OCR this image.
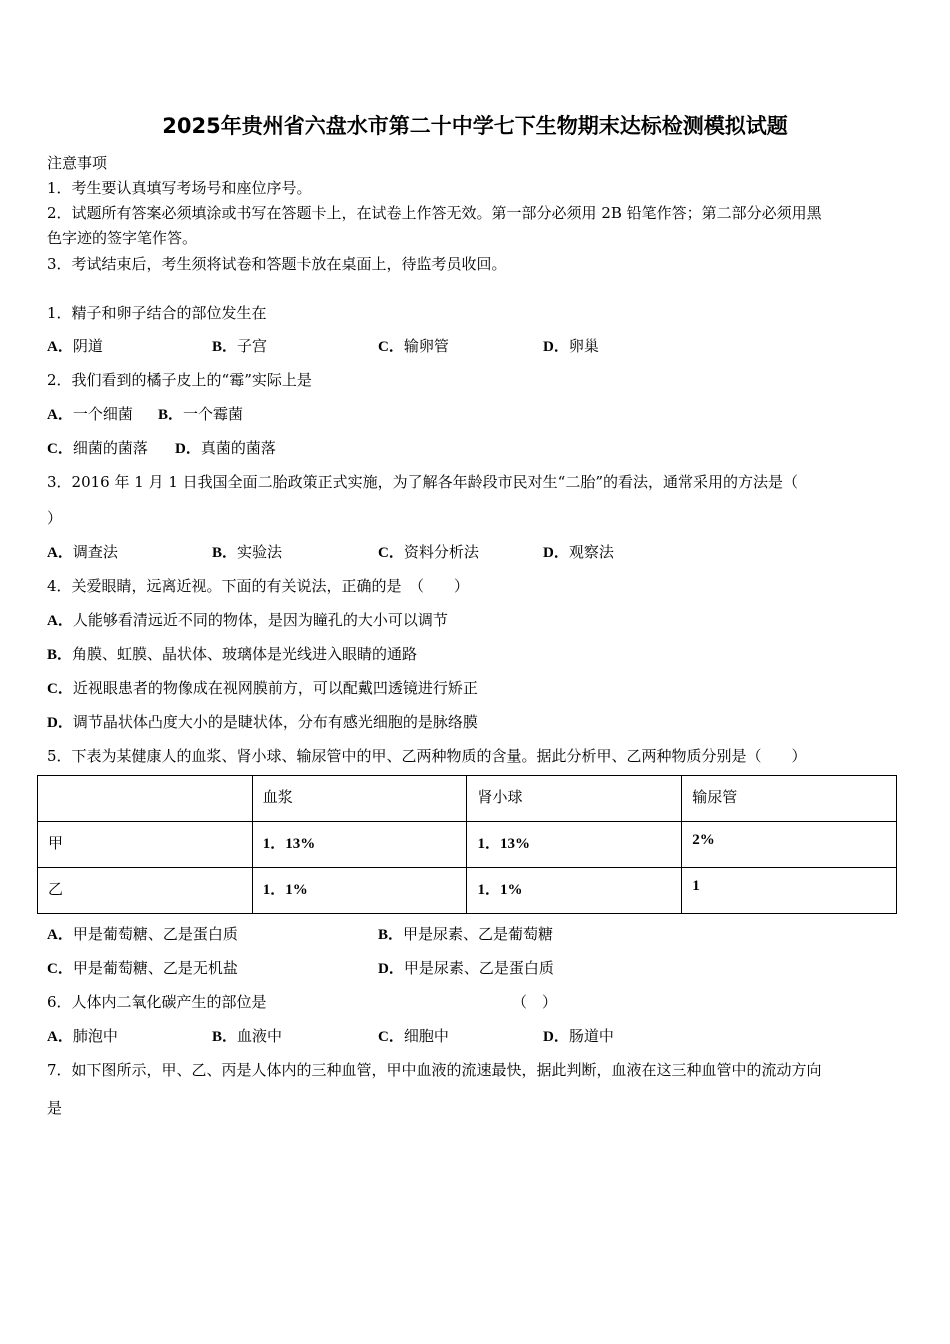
2025年贵州省六盘水市第二十中学七下生物期末达标检测模拟试题
注意事项
1．考生要认真填写考场号和座位序号。
2．试题所有答案必须填涂或书写在答题卡上，在试卷上作答无效。第一部分必须用 2B 铅笔作答；第二部分必须用黑
色字迹的签字笔作答。
3．考试结束后，考生须将试卷和答题卡放在桌面上，待监考员收回。
1．精子和卵子结合的部位发生在
A．阴道	B．子宫	C．输卵管	D．卵巢
2．我们看到的橘子皮上的“霉”实际上是
A．一个细菌 B．一个霉菌
C．细菌的菌落 D．真菌的菌落
3．2016 年 1 月 1 日我国全面二胎政策正式实施，为了解各年龄段市民对生“二胎”的看法，通常采用的方法是（
）
A．调查法	B．实验法	C．资料分析法	D．观察法
4．关爱眼睛，远离近视。下面的有关说法，正确的是　（　　）
A．人能够看清远近不同的物体，是因为瞳孔的大小可以调节
B．角膜、虹膜、晶状体、玻璃体是光线进入眼睛的通路
C．近视眼患者的物像成在视网膜前方，可以配戴凹透镜进行矫正
D．调节晶状体凸度大小的是睫状体，分布有感光细胞的是脉络膜
5．下表为某健康人的血浆、肾小球、输尿管中的甲、乙两种物质的含量。据此分析甲、乙两种物质分别是（　　）
	血浆	肾小球	输尿管
甲	1．13%	1．13%	2%
乙	1．1%	1．1%	1
A．甲是葡萄糖、乙是蛋白质	B．甲是尿素、乙是葡萄糖
C．甲是葡萄糖、乙是无机盐	D．甲是尿素、乙是蛋白质
6．人体内二氧化碳产生的部位是	（　）
A．肺泡中	B．血液中	C．细胞中	D．肠道中
7．如下图所示，甲、乙、丙是人体内的三种血管，甲中血液的流速最快，据此判断，血液在这三种血管中的流动方向
是
